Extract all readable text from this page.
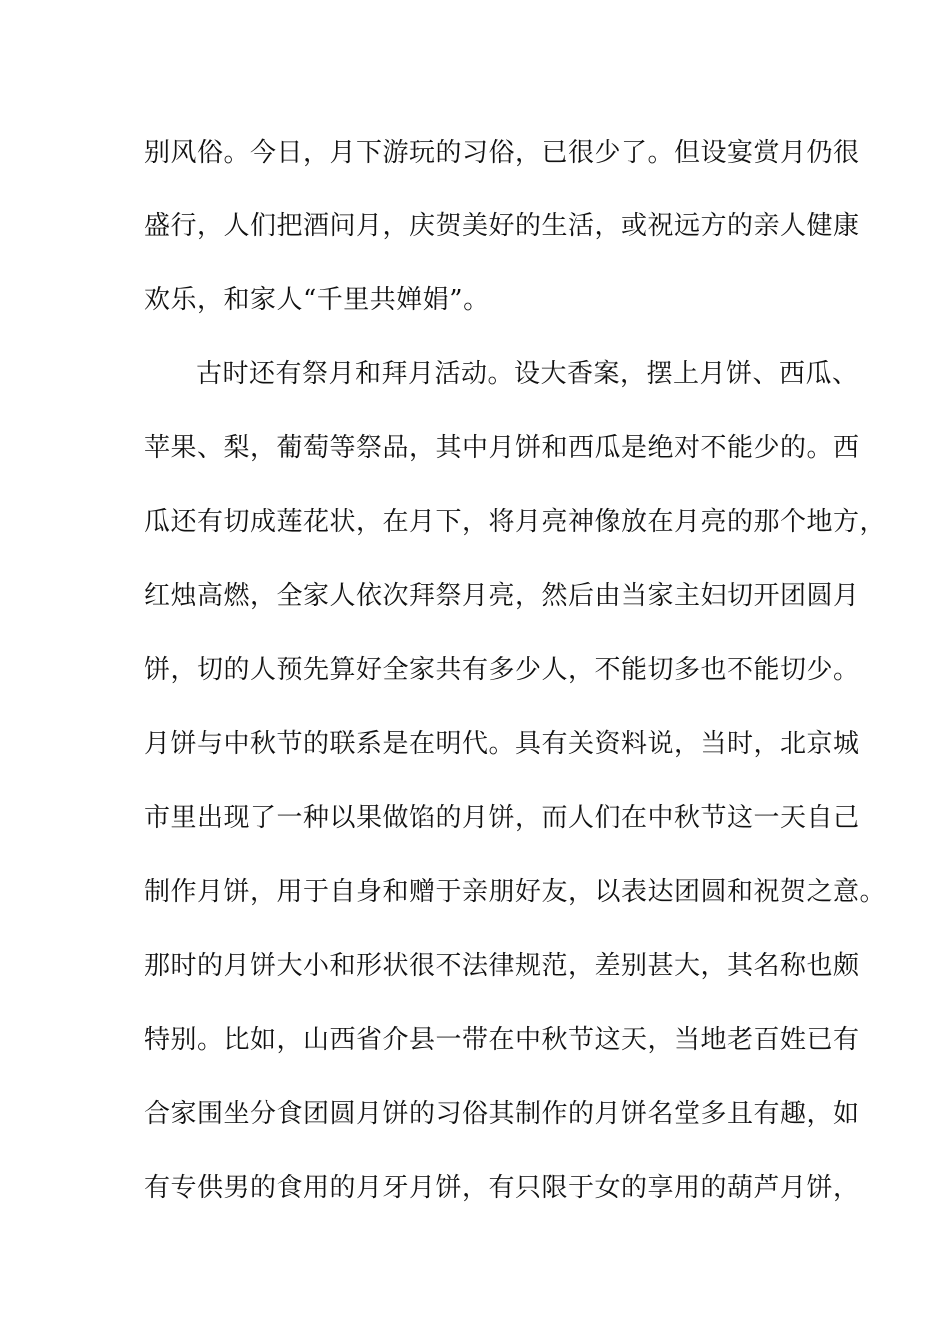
别风俗。今日，月下游玩的习俗，已很少了。但设宴赏月仍很
盛行，人们把酒问月，庆贺美好的生活，或祝远方的亲人健康
欢乐，和家人“千里共婵娟”。
古时还有祭月和拜月活动。设大香案，摆上月饼、西瓜、
苹果、梨，葡萄等祭品，其中月饼和西瓜是绝对不能少的。西
瓜还有切成莲花状，在月下，将月亮神像放在月亮的那个地方，
红烛高燃，全家人依次拜祭月亮，然后由当家主妇切开团圆月
饼，切的人预先算好全家共有多少人，不能切多也不能切少。
月饼与中秋节的联系是在明代。具有关资料说，当时，北京城
市里出现了一种以果做馅的月饼，而人们在中秋节这一天自己
制作月饼，用于自身和赠于亲朋好友，以表达团圆和祝贺之意。
那时的月饼大小和形状很不法律规范，差别甚大，其名称也颇
特别。比如，山西省介县一带在中秋节这天，当地老百姓已有
合家围坐分食团圆月饼的习俗其制作的月饼名堂多且有趣，如
有专供男的食用的月牙月饼，有只限于女的享用的葫芦月饼，
